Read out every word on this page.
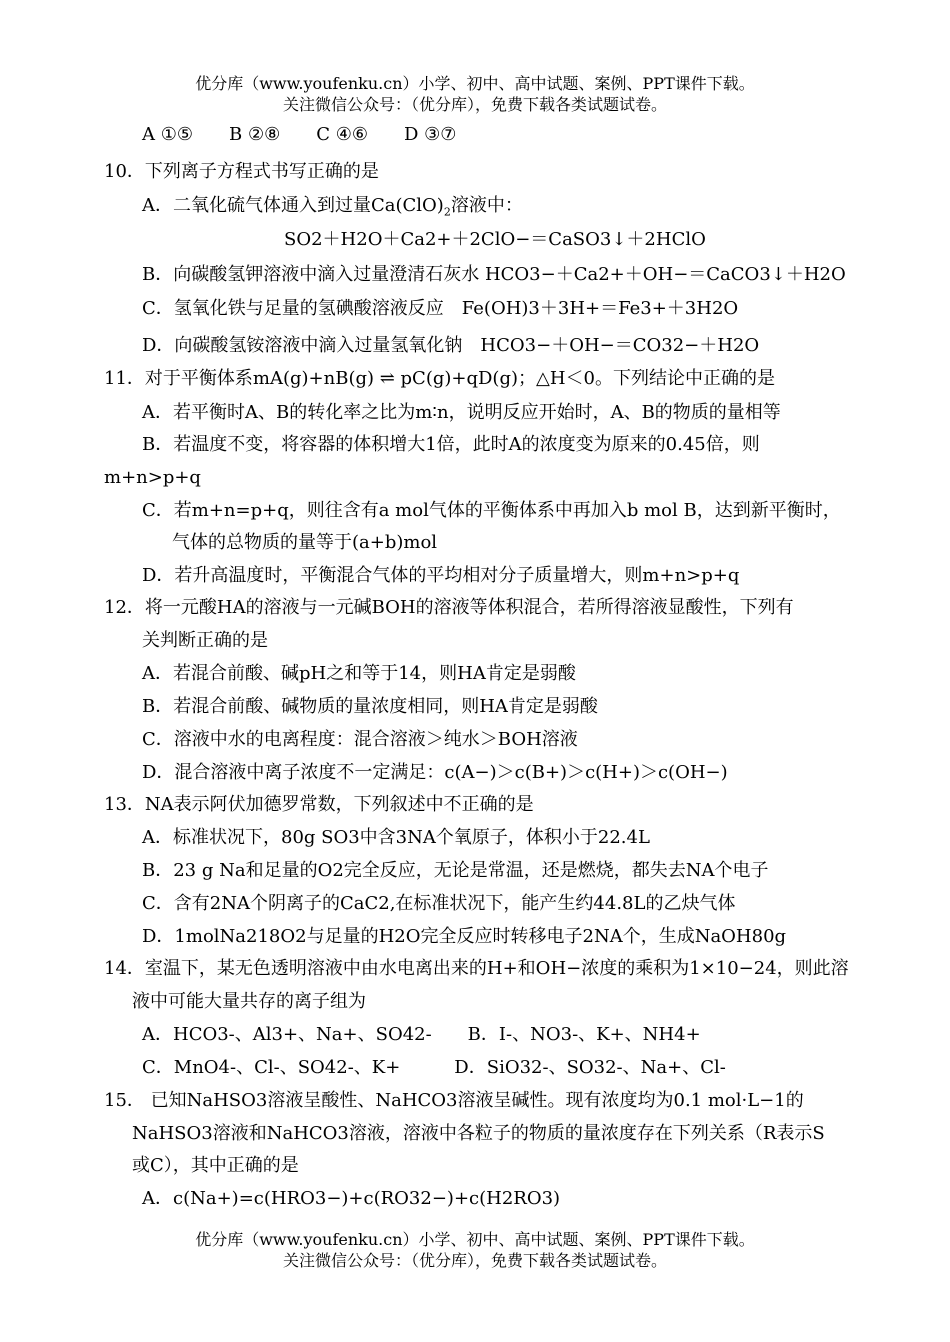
优分库（www.youfenku.cn）小学、初中、高中试题、案例、PPT课件下载。
关注微信公众号：（优分库），免费下载各类试题试卷。
A ①⑤　　B ②⑧　　C ④⑥　　D ③⑦
10．下列离子方程式书写正确的是
A．二氧化硫气体通入到过量$Ca(ClO)_2$溶液中：
SO2＋H2O＋Ca2+＋2ClO−＝CaSO3↓＋2HClO
B．向碳酸氢钾溶液中滴入过量澄清石灰水 HCO3−＋Ca2+＋OH−＝CaCO3↓＋H2O
C．氢氧化铁与足量的氢碘酸溶液反应　Fe(OH)3＋3H+＝Fe3+＋3H2O
D．向碳酸氢铵溶液中滴入过量氢氧化钠　HCO3−＋OH−＝CO32−＋H2O
11．对于平衡体系mA(g)+nB(g) ⇌ pC(g)+qD(g)；△H＜0。下列结论中正确的是
A．若平衡时A、B的转化率之比为m∶n，说明反应开始时，A、B的物质的量相等
B．若温度不变，将容器的体积增大1倍，此时A的浓度变为原来的0.45倍，则
m+n>p+q
C．若m+n=p+q，则往含有a mol气体的平衡体系中再加入b mol B，达到新平衡时，
气体的总物质的量等于(a+b)mol
D．若升高温度时，平衡混合气体的平均相对分子质量增大，则m+n>p+q
12．将一元酸HA的溶液与一元碱BOH的溶液等体积混合，若所得溶液显酸性，下列有
关判断正确的是
A．若混合前酸、碱pH之和等于14，则HA肯定是弱酸
B．若混合前酸、碱物质的量浓度相同，则HA肯定是弱酸
C．溶液中水的电离程度：混合溶液＞纯水＞BOH溶液
D．混合溶液中离子浓度不一定满足：c(A−)＞c(B+)＞c(H+)＞c(OH−)
13．NA表示阿伏加德罗常数，下列叙述中不正确的是
A．标准状况下，80g SO3中含3NA个氧原子，体积小于22.4L
B．23 g Na和足量的O2完全反应，无论是常温，还是燃烧，都失去NA个电子
C．含有2NA个阴离子的CaC2,在标准状况下，能产生约44.8L的乙炔气体
D．1molNa218O2与足量的H2O完全反应时转移电子2NA个，生成NaOH80g
14．室温下，某无色透明溶液中由水电离出来的H+和OH−浓度的乘积为1×10−24，则此溶
液中可能大量共存的离子组为
A．HCO3-、Al3+、Na+、SO42-　　B．I-、NO3-、K+、NH4+
C．MnO4-、Cl-、SO42-、K+　　　D．SiO32-、SO32-、Na+、Cl-
15． 已知NaHSO3溶液呈酸性、NaHCO3溶液呈碱性。现有浓度均为0.1 mol·L−1的
NaHSO3溶液和NaHCO3溶液，溶液中各粒子的物质的量浓度存在下列关系（R表示S
或C），其中正确的是
A．c(Na+)=c(HRO3−)+c(RO32−)+c(H2RO3)
优分库（www.youfenku.cn）小学、初中、高中试题、案例、PPT课件下载。
关注微信公众号：（优分库），免费下载各类试题试卷。
